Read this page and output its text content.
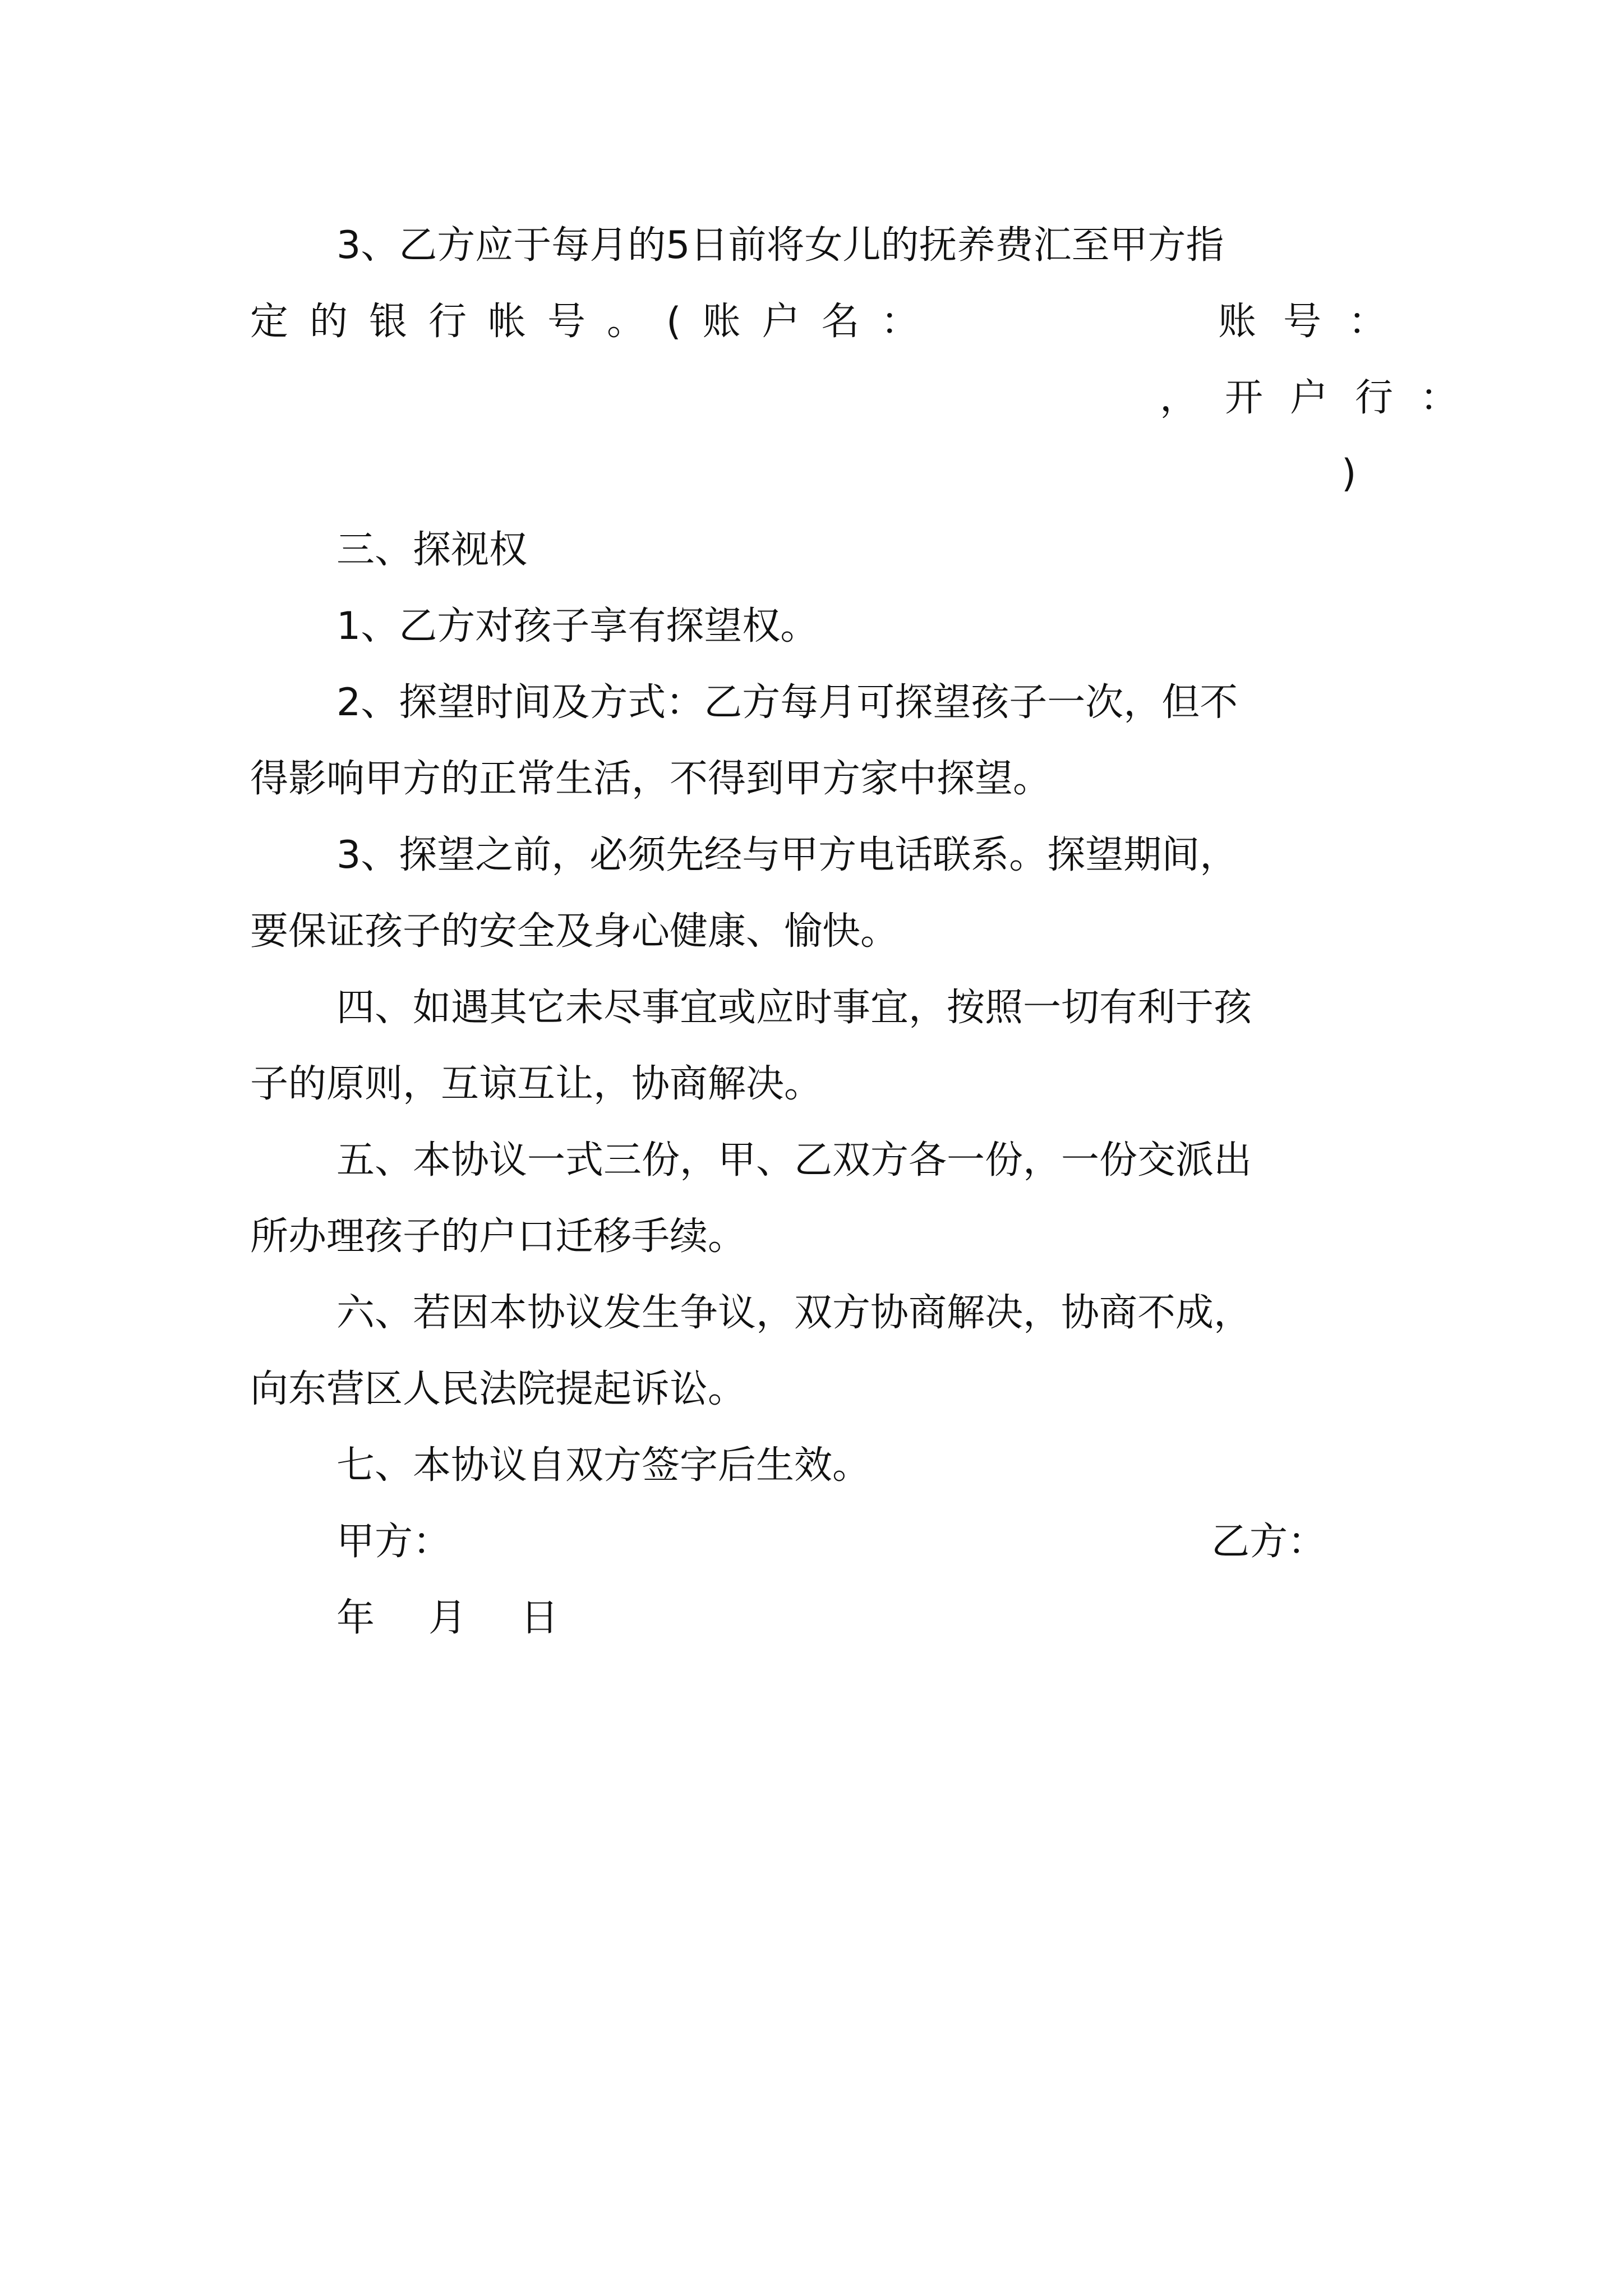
3、乙方应于每月的5日前将女儿的抚养费汇至甲方指
定的银行帐号。(账户名：	账号：
，开户行：
)
三、探视权
1、乙方对孩子享有探望权。
2、探望时间及方式：乙方每月可探望孩子一次，但不
得影响甲方的正常生活，不得到甲方家中探望。
3、探望之前，必须先经与甲方电话联系。探望期间，
要保证孩子的安全及身心健康、愉快。
四、如遇其它未尽事宜或应时事宜，按照一切有利于孩
子的原则，互谅互让，协商解决。
五、本协议一式三份，甲、乙双方各一份，一份交派出
所办理孩子的户口迁移手续。
六、若因本协议发生争议，双方协商解决，协商不成，
向东营区人民法院提起诉讼。
七、本协议自双方签字后生效。
甲方：	乙方：
年　月　日
